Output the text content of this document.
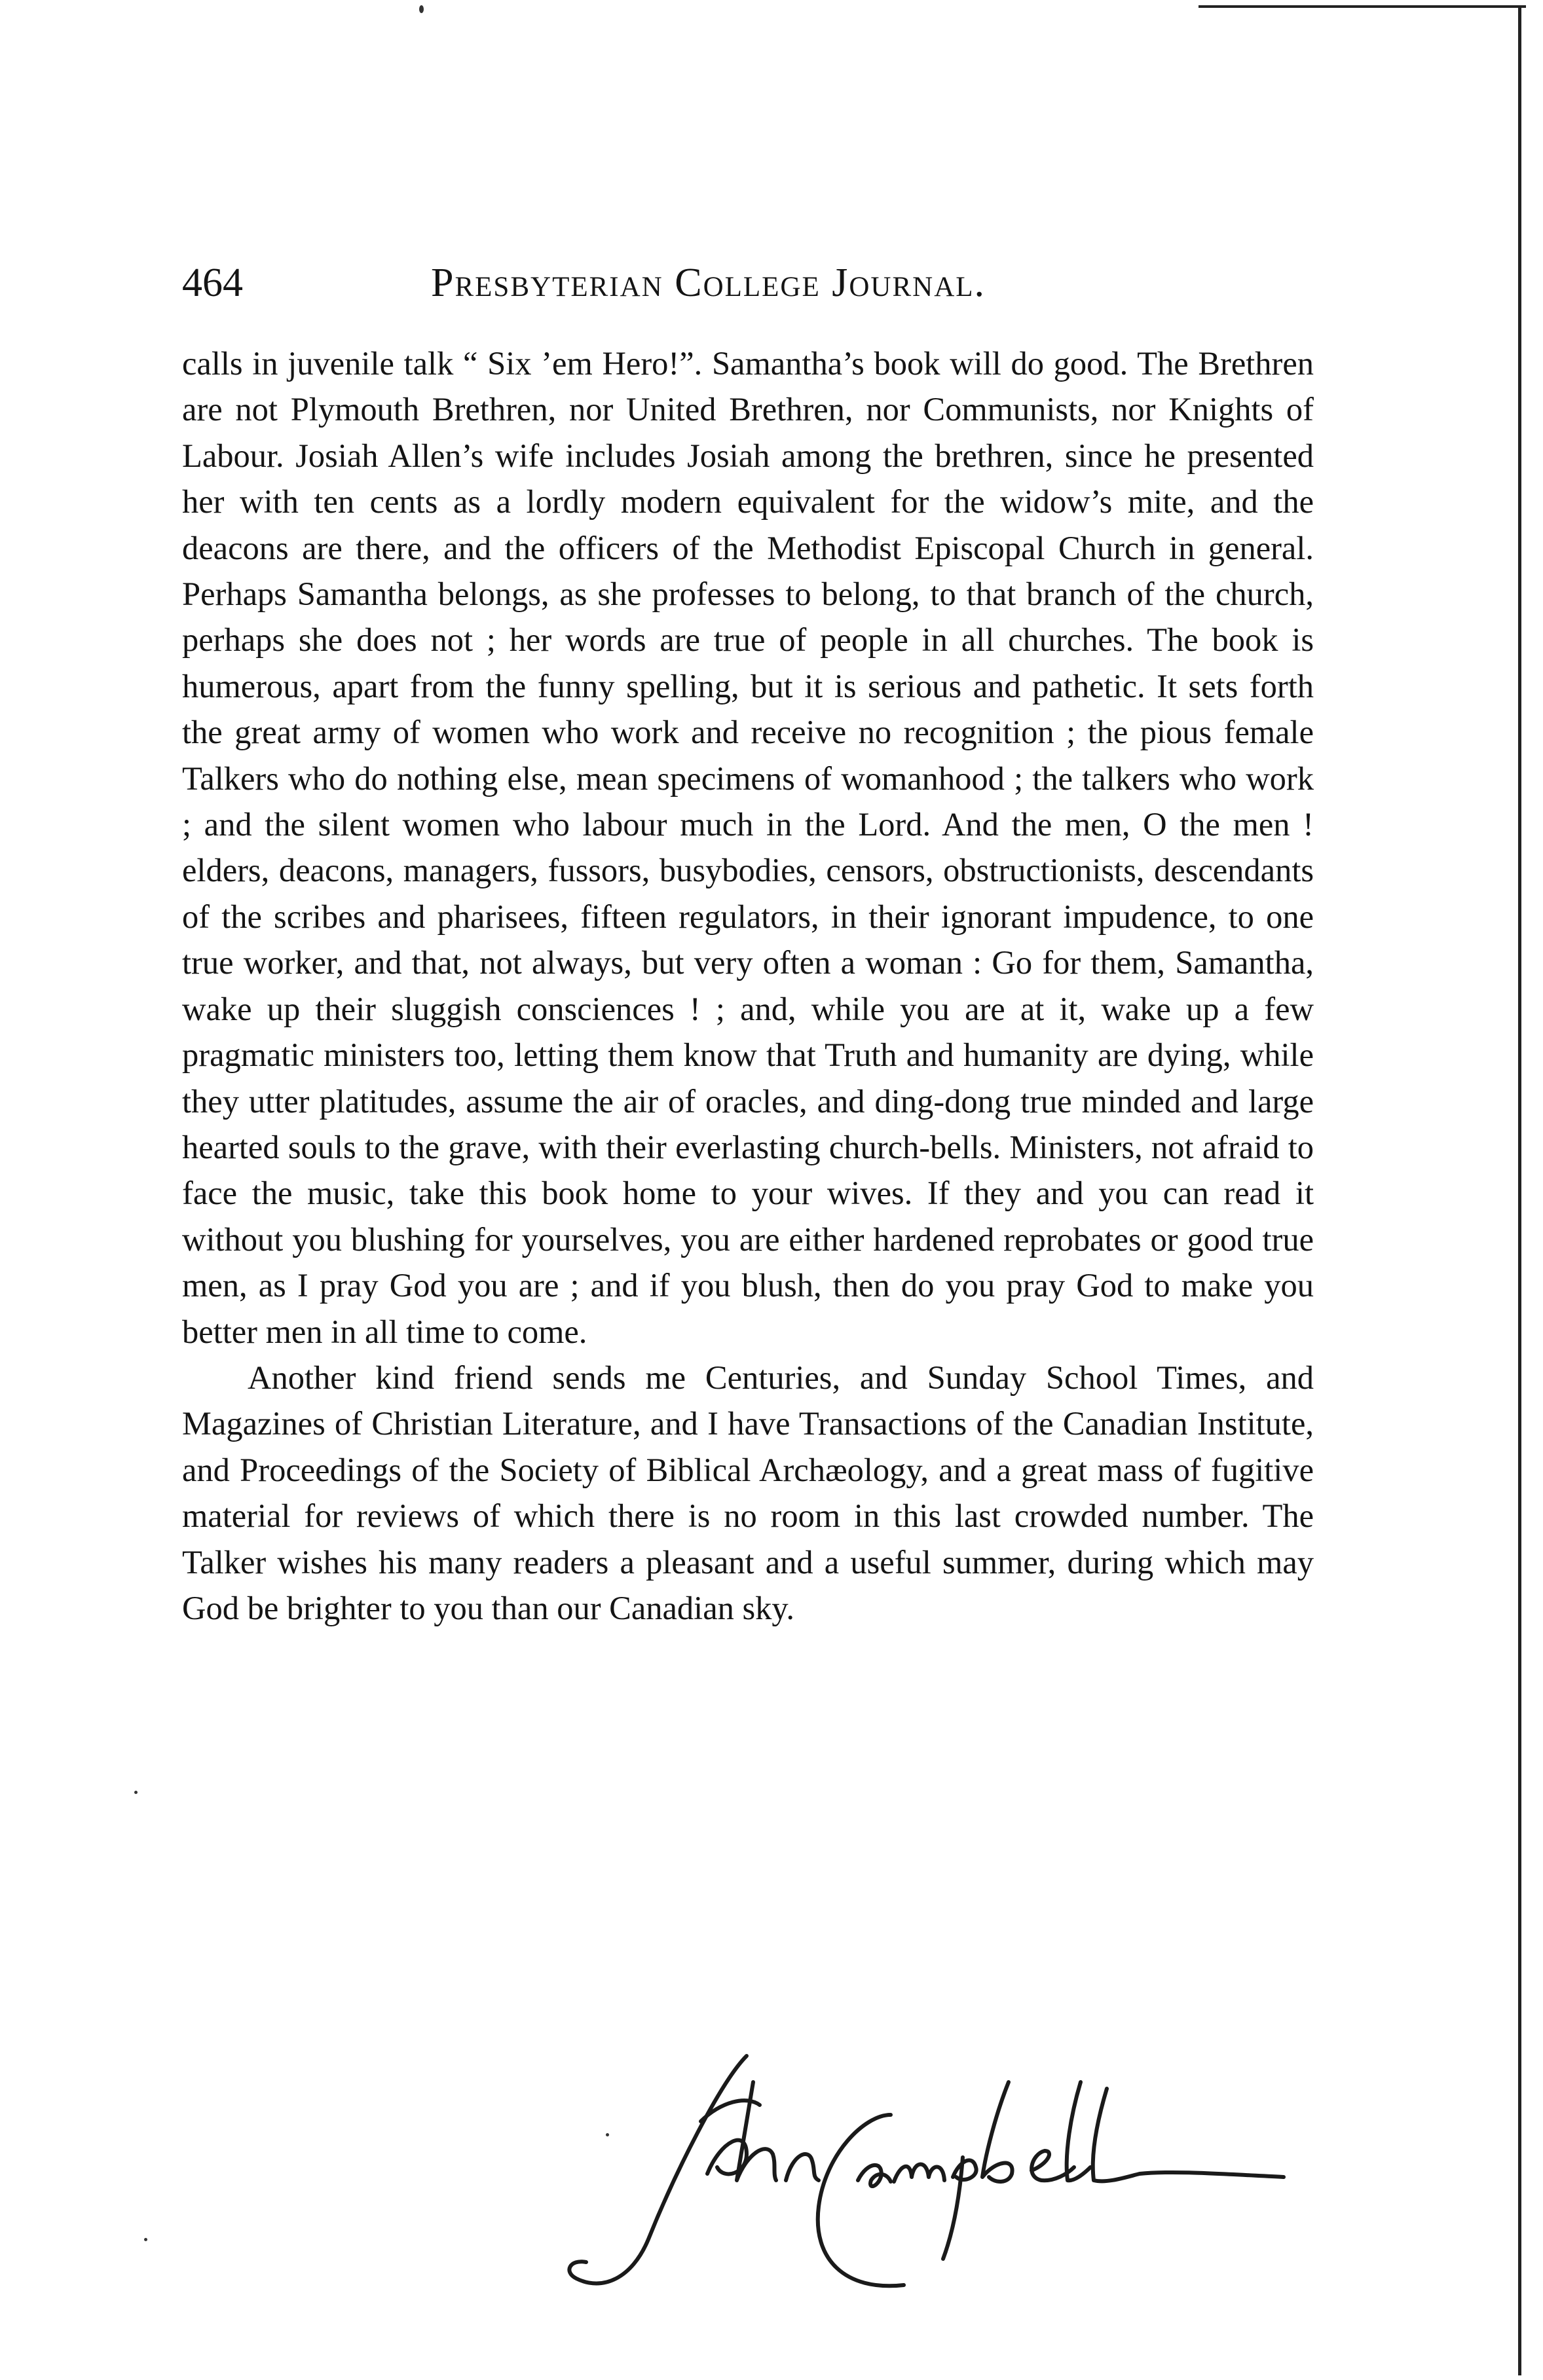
464	Presbyterian College Journal.

calls in juvenile talk “ Six ’em Hero!”. Samantha’s book will do good. The Brethren are not Plymouth Brethren, nor United Brethren, nor Communists, nor Knights of Labour. Josiah Allen’s wife includes Josiah among the brethren, since he presented her with ten cents as a lordly modern equivalent for the widow’s mite, and the deacons are there, and the officers of the Methodist Episcopal Church in general. Perhaps Samantha belongs, as she professes to belong, to that branch of the church, perhaps she does not ; her words are true of people in all churches. The book is humerous, apart from the funny spelling, but it is serious and pathetic. It sets forth the great army of women who work and receive no recognition ; the pious female Talkers who do nothing else, mean specimens of womanhood ; the talkers who work ; and the silent women who labour much in the Lord. And the men, O the men ! elders, deacons, managers, fussors, busybodies, censors, obstructionists, descendants of the scribes and pharisees, fifteen regulators, in their ignorant impudence, to one true worker, and that, not always, but very often a woman : Go for them, Samantha, wake up their sluggish consciences ! ; and, while you are at it, wake up a few pragmatic ministers too, letting them know that Truth and humanity are dying, while they utter platitudes, assume the air of oracles, and ding-dong true minded and large hearted souls to the grave, with their everlasting church-bells. Ministers, not afraid to face the music, take this book home to your wives. If they and you can read it without you blushing for yourselves, you are either hardened reprobates or good true men, as I pray God you are ; and if you blush, then do you pray God to make you better men in all time to come.

Another kind friend sends me Centuries, and Sunday School Times, and Magazines of Christian Literature, and I have Transactions of the Canadian Institute, and Proceedings of the Society of Biblical Archæology, and a great mass of fugitive material for reviews of which there is no room in this last crowded number. The Talker wishes his many readers a pleasant and a useful summer, during which may God be brighter to you than our Canadian sky.
